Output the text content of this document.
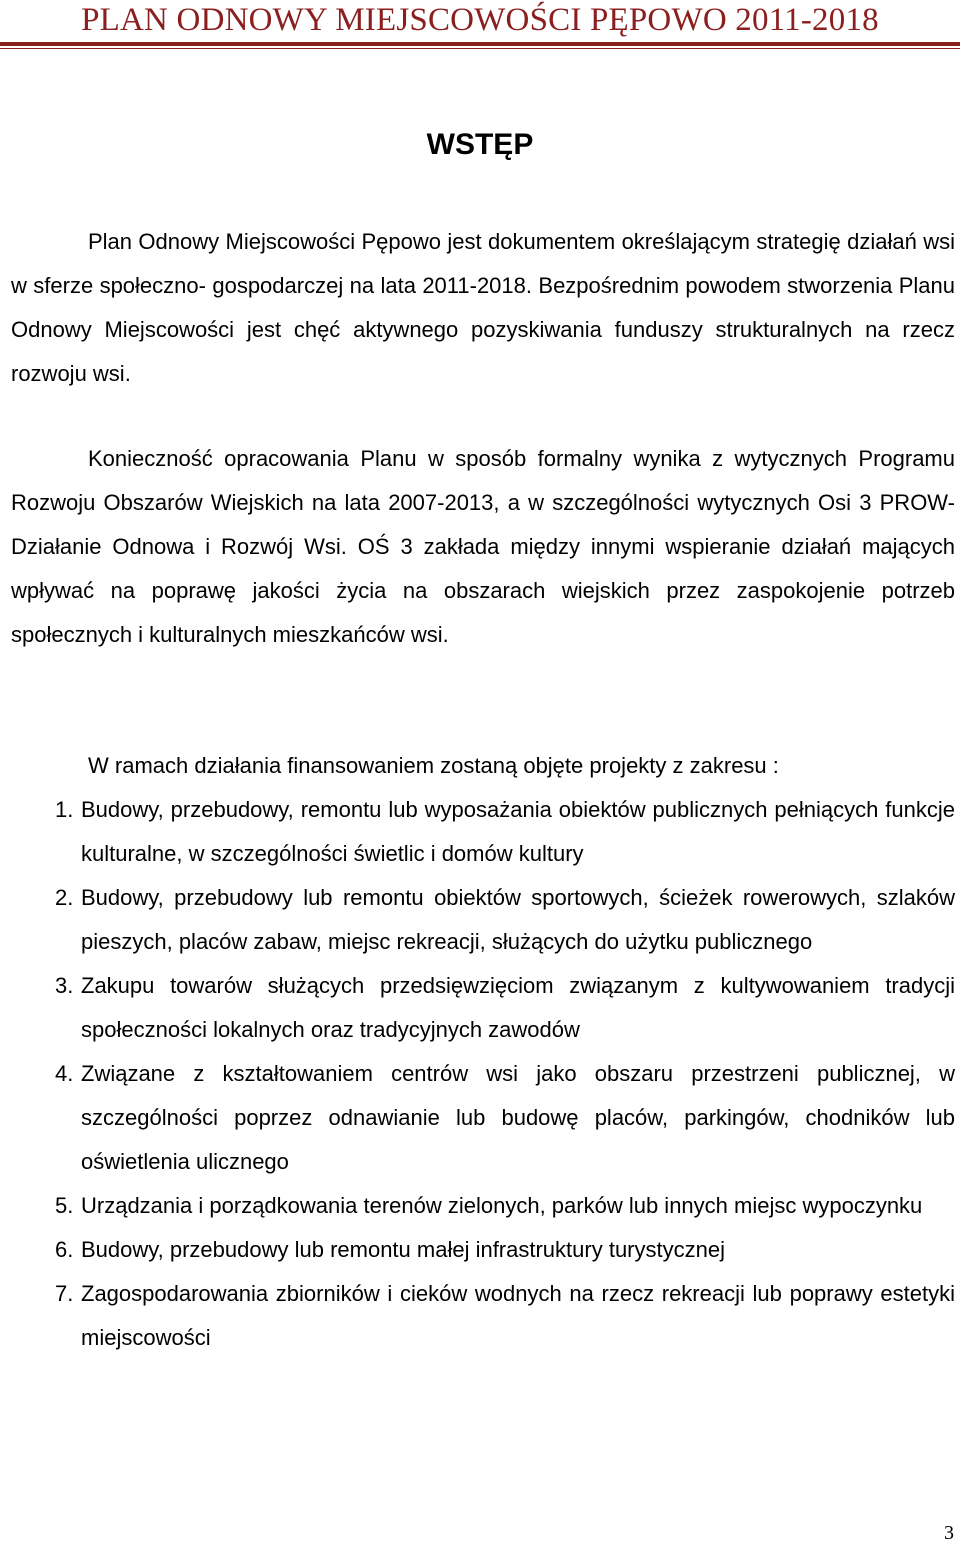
PLAN ODNOWY MIEJSCOWOŚCI PĘPOWO 2011-2018
WSTĘP

Plan Odnowy Miejscowości Pępowo jest dokumentem określającym strategię działań wsi w sferze społeczno- gospodarczej na lata 2011-2018. Bezpośrednim powodem stworzenia Planu Odnowy Miejscowości jest chęć aktywnego pozyskiwania funduszy strukturalnych na rzecz rozwoju wsi.

Konieczność opracowania Planu w sposób formalny wynika z wytycznych Programu Rozwoju Obszarów Wiejskich na lata 2007-2013, a w szczególności wytycznych Osi 3 PROW- Działanie Odnowa i Rozwój Wsi. OŚ 3 zakłada między innymi wspieranie działań mających wpływać na poprawę jakości życia na obszarach wiejskich przez zaspokojenie potrzeb społecznych i kulturalnych mieszkańców wsi.

W ramach działania finansowaniem zostaną objęte projekty z zakresu :
1. Budowy, przebudowy, remontu lub wyposażania obiektów publicznych pełniących funkcje kulturalne, w szczególności świetlic i domów kultury
2. Budowy, przebudowy lub remontu obiektów sportowych, ścieżek rowerowych, szlaków pieszych, placów zabaw, miejsc rekreacji, służących do użytku publicznego
3. Zakupu towarów służących przedsięwzięciom związanym z kultywowaniem tradycji społeczności lokalnych oraz tradycyjnych zawodów
4. Związane z kształtowaniem centrów wsi jako obszaru przestrzeni publicznej, w szczególności poprzez odnawianie lub budowę placów, parkingów, chodników lub oświetlenia ulicznego
5. Urządzania i porządkowania terenów zielonych, parków lub innych miejsc wypoczynku
6. Budowy, przebudowy lub remontu małej infrastruktury turystycznej
7. Zagospodarowania zbiorników i cieków wodnych na rzecz rekreacji lub poprawy estetyki miejscowości
3
